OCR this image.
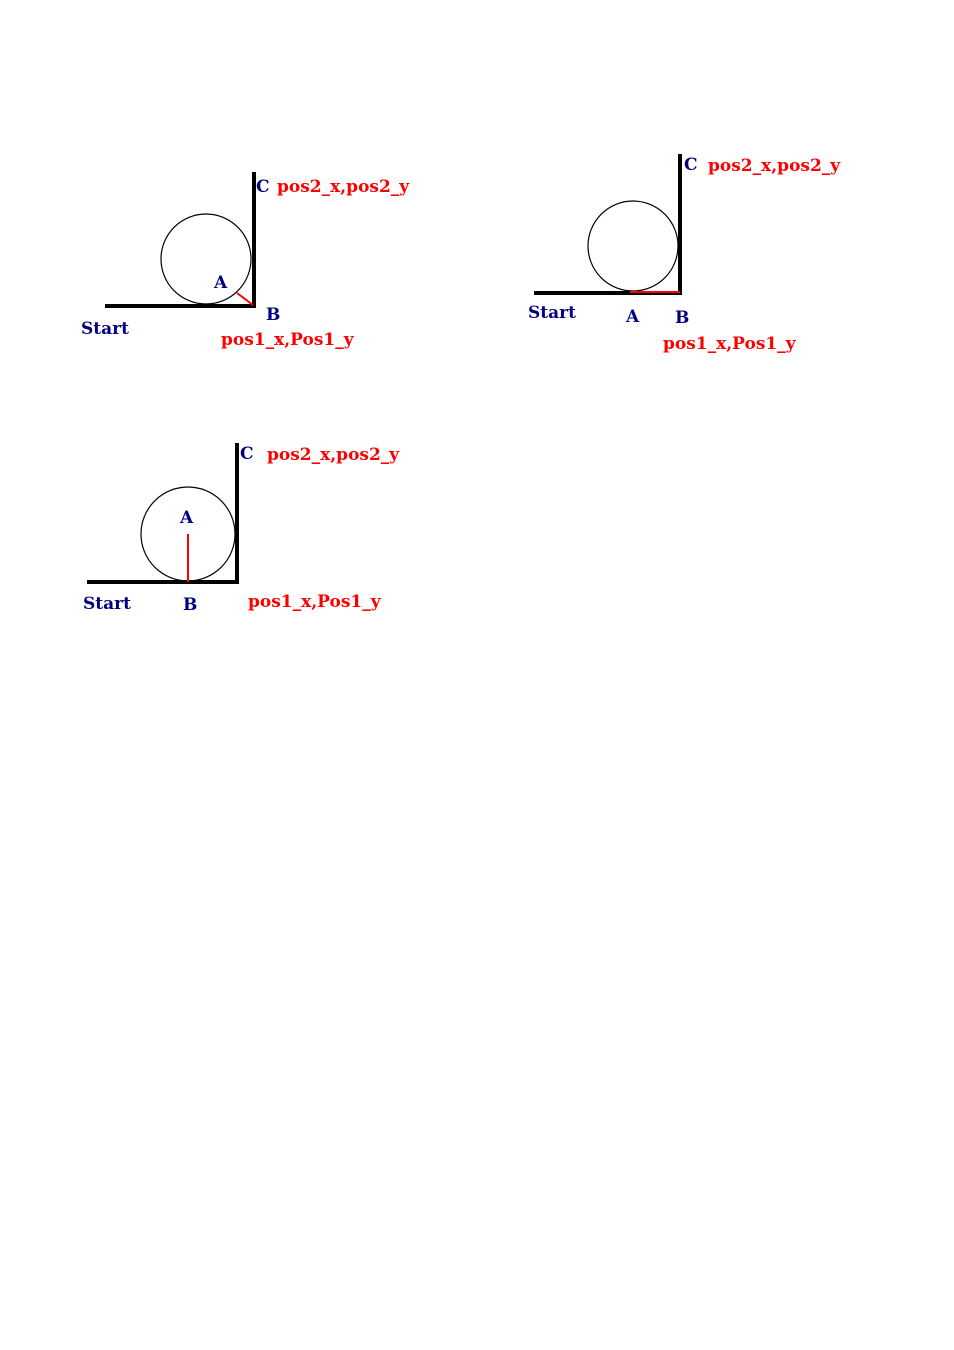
C pos2_x,pos2_y
A
B
Start
pos1_x,Pos1_y
C pos2_x,pos2_y
Start	A B
pos1_x,Pos1_y
C pos2_x,pos2_y
A
Start	B	pos1_x,Pos1_y
